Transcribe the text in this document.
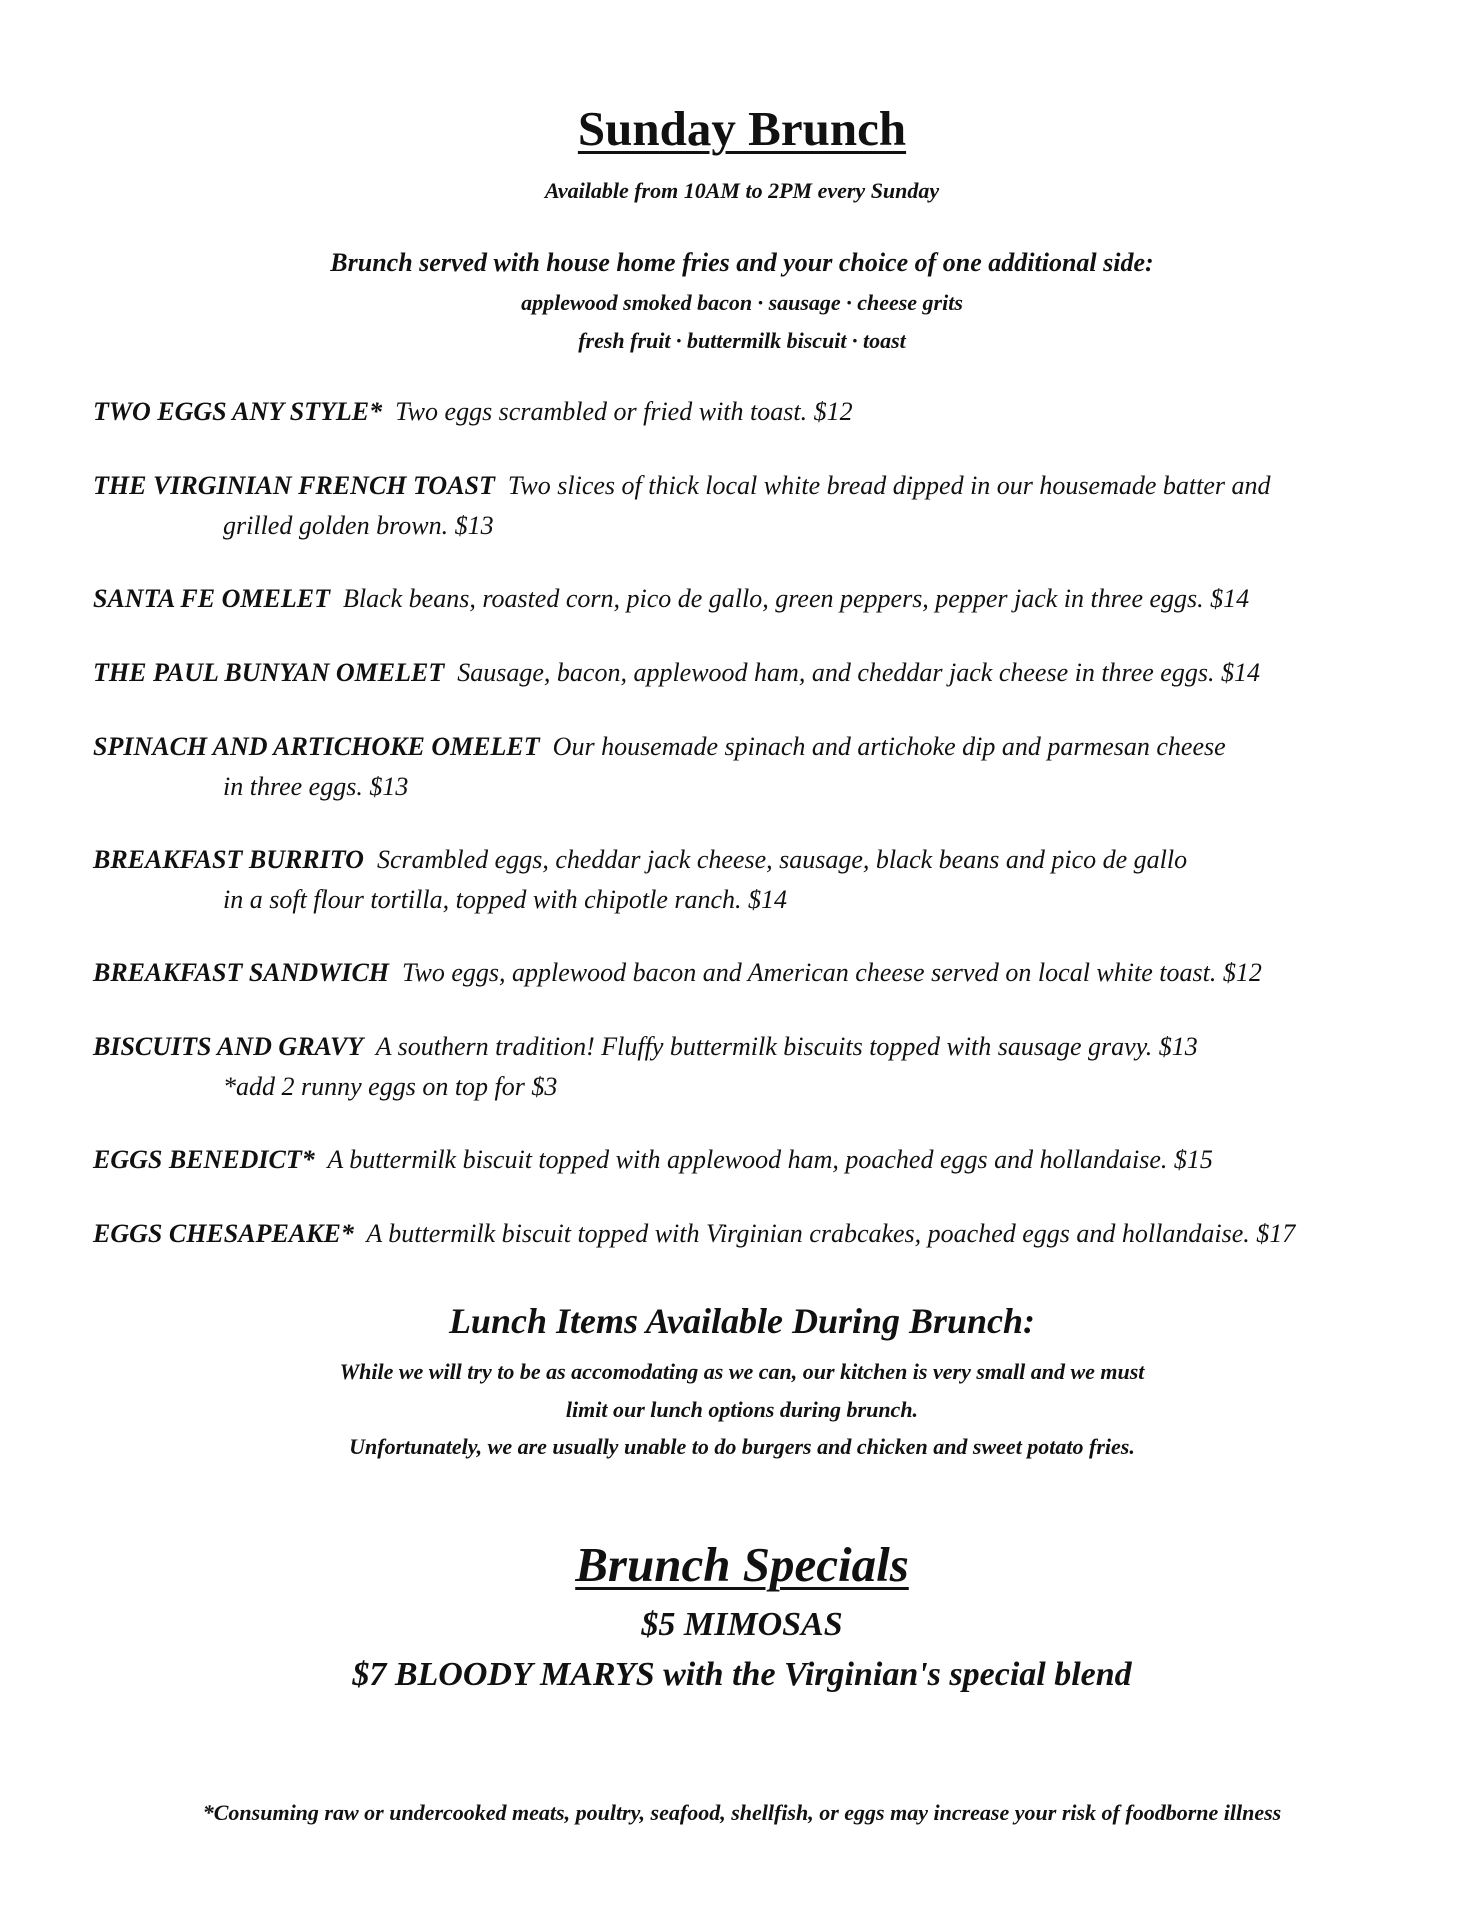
Sunday Brunch
Available from 10AM to 2PM every Sunday
Brunch served with house home fries and your choice of one additional side:
applewood smoked bacon · sausage · cheese grits
fresh fruit · buttermilk biscuit · toast
TWO EGGS ANY STYLE* Two eggs scrambled or fried with toast. $12
THE VIRGINIAN FRENCH TOAST Two slices of thick local white bread dipped in our housemade batter and
grilled golden brown. $13
SANTA FE OMELET Black beans, roasted corn, pico de gallo, green peppers, pepper jack in three eggs. $14
THE PAUL BUNYAN OMELET Sausage, bacon, applewood ham, and cheddar jack cheese in three eggs. $14
SPINACH AND ARTICHOKE OMELET Our housemade spinach and artichoke dip and parmesan cheese
in three eggs. $13
BREAKFAST BURRITO Scrambled eggs, cheddar jack cheese, sausage, black beans and pico de gallo
in a soft flour tortilla, topped with chipotle ranch. $14
BREAKFAST SANDWICH Two eggs, applewood bacon and American cheese served on local white toast. $12
BISCUITS AND GRAVY A southern tradition! Fluffy buttermilk biscuits topped with sausage gravy. $13
*add 2 runny eggs on top for $3
EGGS BENEDICT* A buttermilk biscuit topped with applewood ham, poached eggs and hollandaise. $15
EGGS CHESAPEAKE* A buttermilk biscuit topped with Virginian crabcakes, poached eggs and hollandaise. $17
Lunch Items Available During Brunch:
While we will try to be as accomodating as we can, our kitchen is very small and we must
limit our lunch options during brunch.
Unfortunately, we are usually unable to do burgers and chicken and sweet potato fries.
Brunch Specials
$5 MIMOSAS
$7 BLOODY MARYS with the Virginian's special blend
*Consuming raw or undercooked meats, poultry, seafood, shellfish, or eggs may increase your risk of foodborne illness
